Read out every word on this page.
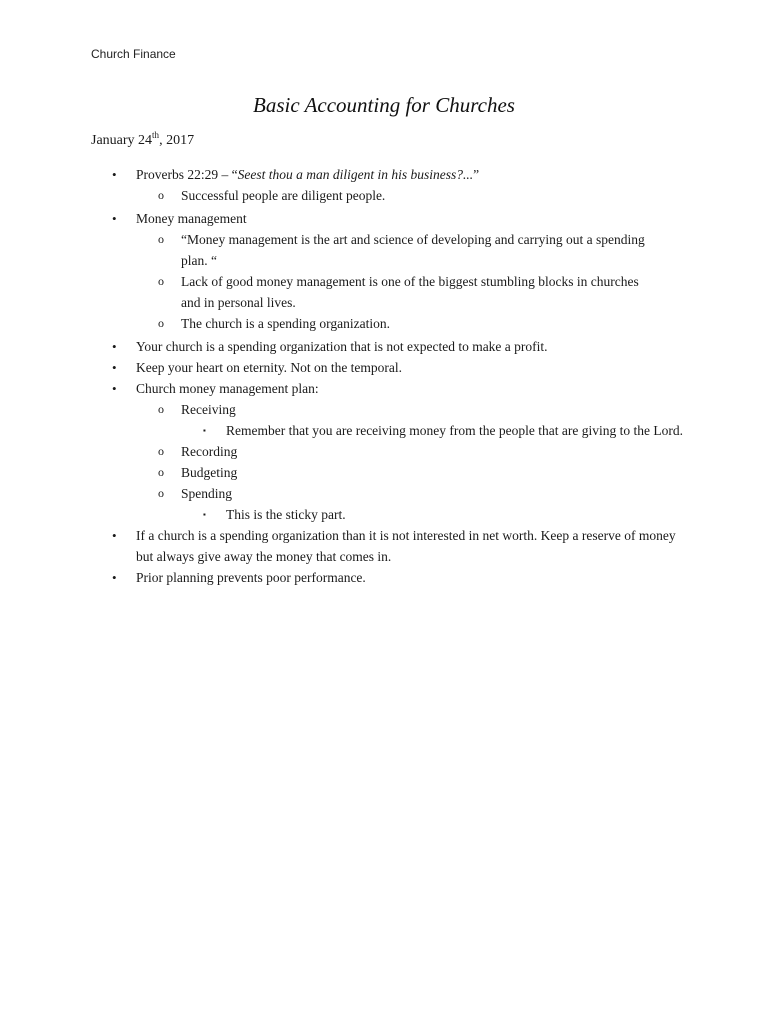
Church Finance
Basic Accounting for Churches
January 24th, 2017
• Proverbs 22:29 – “Seest thou a man diligent in his business?...”
o Successful people are diligent people.
• Money management
o “Money management is the art and science of developing and carrying out a spending plan. “
o Lack of good money management is one of the biggest stumbling blocks in churches and in personal lives.
o The church is a spending organization.
• Your church is a spending organization that is not expected to make a profit.
• Keep your heart on eternity. Not on the temporal.
• Church money management plan:
o Receiving
▪ Remember that you are receiving money from the people that are giving to the Lord.
o Recording
o Budgeting
o Spending
▪ This is the sticky part.
• If a church is a spending organization than it is not interested in net worth. Keep a reserve of money but always give away the money that comes in.
• Prior planning prevents poor performance.
